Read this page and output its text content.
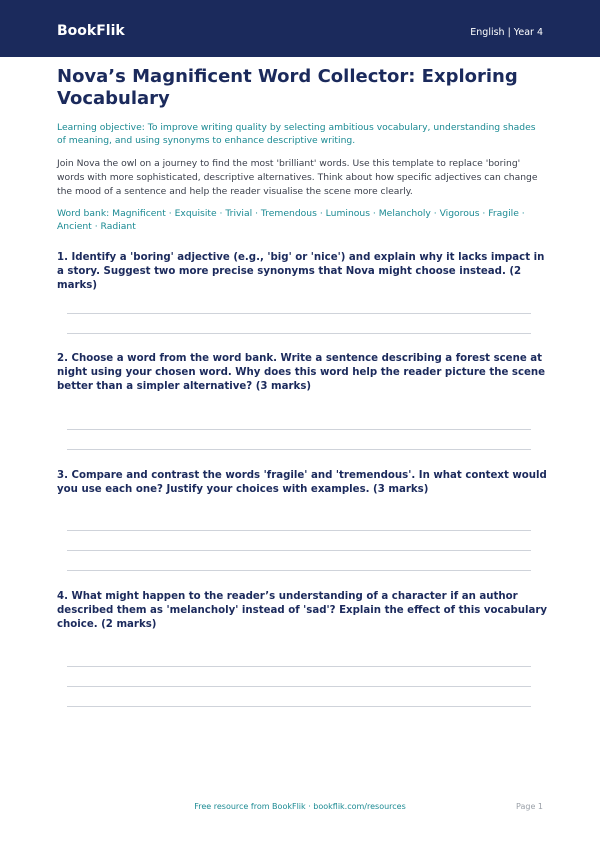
BookFlik	English | Year 4
Nova’s Magnificent Word Collector: Exploring Vocabulary
Learning objective: To improve writing quality by selecting ambitious vocabulary, understanding shades of meaning, and using synonyms to enhance descriptive writing.
Join Nova the owl on a journey to find the most 'brilliant' words. Use this template to replace 'boring' words with more sophisticated, descriptive alternatives. Think about how specific adjectives can change the mood of a sentence and help the reader visualise the scene more clearly.
Word bank: Magnificent · Exquisite · Trivial · Tremendous · Luminous · Melancholy · Vigorous · Fragile · Ancient · Radiant
1. Identify a 'boring' adjective (e.g., 'big' or 'nice') and explain why it lacks impact in a story. Suggest two more precise synonyms that Nova might choose instead. (2 marks)
2. Choose a word from the word bank. Write a sentence describing a forest scene at night using your chosen word. Why does this word help the reader picture the scene better than a simpler alternative? (3 marks)
3. Compare and contrast the words 'fragile' and 'tremendous'. In what context would you use each one? Justify your choices with examples. (3 marks)
4. What might happen to the reader’s understanding of a character if an author described them as 'melancholy' instead of 'sad'? Explain the effect of this vocabulary choice. (2 marks)
Free resource from BookFlik · bookflik.com/resources	Page 1
